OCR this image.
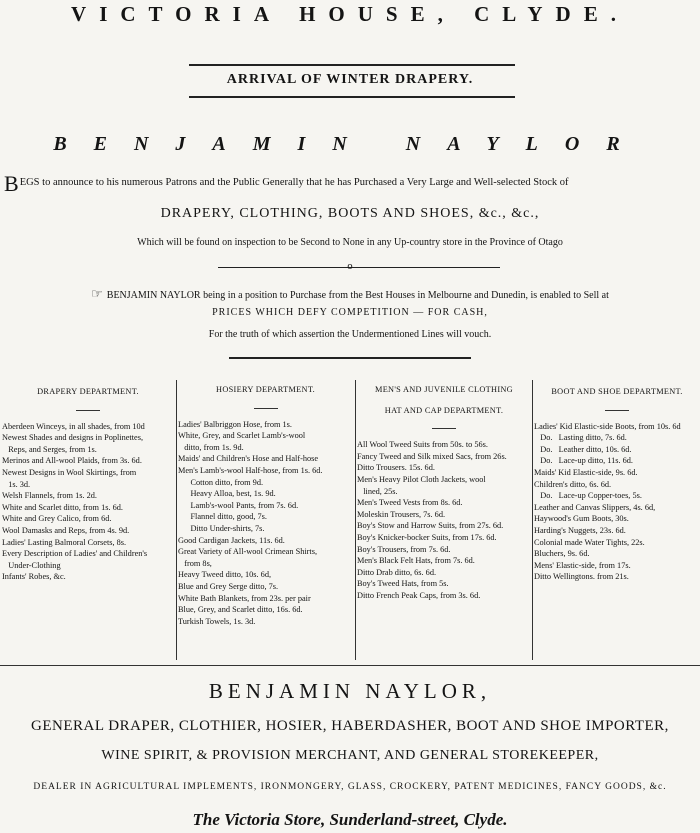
VICTORIA HOUSE, CLYDE.
ARRIVAL OF WINTER DRAPERY.
BENJAMIN NAYLOR
B EGS to announce to his numerous Patrons and the Public Generally that he has Purchased a Very Large and Well-selected Stock of
DRAPERY, CLOTHING, BOOTS AND SHOES, &c., &c.,
Which will be found on inspection to be Second to None in any Up-country store in the Province of Otago
o
☞ BENJAMIN NAYLOR being in a position to Purchase from the Best Houses in Melbourne and Dunedin, is enabled to Sell at
PRICES WHICH DEFY COMPETITION — FOR CASH,
For the truth of which assertion the Undermentioned Lines will vouch.
DRAPERY DEPARTMENT.
Aberdeen Winceys, in all shades, from 10d
Newest Shades and designs in Poplinettes,
Reps, and Serges, from 1s.
Merinos and All-wool Plaids, from 3s. 6d.
Newest Designs in Wool Skirtings, from
1s. 3d.
Welsh Flannels, from 1s. 2d.
White and Scarlet ditto, from 1s. 6d.
White and Grey Calico, from 6d.
Wool Damasks and Reps, from 4s. 9d.
Ladies' Lasting Balmoral Corsets, 8s.
Every Description of Ladies' and Children's
Under-Clothing
Infants' Robes, &c.
HOSIERY DEPARTMENT.
Ladies' Balbriggon Hose, from 1s.
White, Grey, and Scarlet Lamb's-wool
ditto, from 1s. 9d.
Maids' and Children's Hose and Half-hose
Men's Lamb's-wool Half-hose, from 1s. 6d.
Cotton ditto, from 9d.
Heavy Alloa, best, 1s. 9d.
Lamb's-wool Pants, from 7s. 6d.
Flannel ditto, good, 7s.
Ditto Under-shirts, 7s.
Good Cardigan Jackets, 11s. 6d.
Great Variety of All-wool Crimean Shirts,
from 8s,
Heavy Tweed ditto, 10s. 6d,
Blue and Grey Serge ditto, 7s.
White Bath Blankets, from 23s. per pair
Blue, Grey, and Scarlet ditto, 16s. 6d.
Turkish Towels, 1s. 3d.
MEN'S AND JUVENILE CLOTHING
HAT AND CAP DEPARTMENT.
All Wool Tweed Suits from 50s. to 56s.
Fancy Tweed and Silk mixed Sacs, from 26s.
Ditto Trousers. 15s. 6d.
Men's Heavy Pilot Cloth Jackets, wool
lined, 25s.
Men's Tweed Vests from 8s. 6d.
Moleskin Trousers, 7s. 6d.
Boy's Stow and Harrow Suits, from 27s. 6d.
Boy's Knicker-bocker Suits, from 17s. 6d.
Boy's Trousers, from 7s. 6d.
Men's Black Felt Hats, from 7s. 6d.
Ditto Drab ditto, 6s. 6d.
Boy's Tweed Hats, from 5s.
Ditto French Peak Caps, from 3s. 6d.
BOOT AND SHOE DEPARTMENT.
Ladies' Kid Elastic-side Boots, from 10s. 6d
Do.   Lasting ditto, 7s. 6d.
Do.   Leather ditto, 10s. 6d.
Do.   Lace-up ditto, 11s. 6d.
Maids' Kid Elastic-side, 9s. 6d.
Children's ditto, 6s. 6d.
Do.   Lace-up Copper-toes, 5s.
Leather and Canvas Slippers, 4s. 6d,
Haywood's Gum Boots, 30s.
Harding's Nuggets, 23s. 6d.
Colonial made Water Tights, 22s.
Bluchers, 9s. 6d.
Mens' Elastic-side, from 17s.
Ditto Wellingtons. from 21s.
BENJAMIN NAYLOR,
GENERAL DRAPER, CLOTHIER, HOSIER, HABERDASHER, BOOT AND SHOE IMPORTER,
WINE SPIRIT, & PROVISION MERCHANT, AND GENERAL STOREKEEPER,
DEALER IN AGRICULTURAL IMPLEMENTS, IRONMONGERY, GLASS, CROCKERY, PATENT MEDICINES, FANCY GOODS, &c.
The Victoria Store, Sunderland-street, Clyde.
